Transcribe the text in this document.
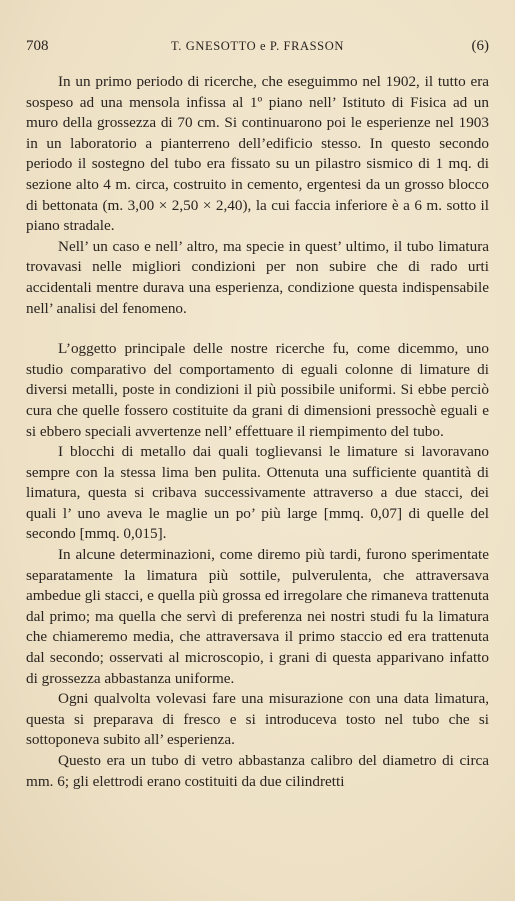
708	T. GNESOTTO e P. FRASSON	(6)

In un primo periodo di ricerche, che eseguimmo nel 1902, il tutto era sospeso ad una mensola infissa al 1º piano nell’ Istituto di Fisica ad un muro della grossezza di 70 cm. Si continuarono poi le esperienze nel 1903 in un laboratorio a pianterreno dell’edificio stesso. In questo secondo periodo il sostegno del tubo era fissato su un pilastro sismico di 1 mq. di sezione alto 4 m. circa, costruito in cemento, ergentesi da un grosso blocco di bettonata (m. 3,00 × 2,50 × 2,40), la cui faccia inferiore è a 6 m. sotto il piano stradale.

Nell’ un caso e nell’ altro, ma specie in quest’ ultimo, il tubo limatura trovavasi nelle migliori condizioni per non subire che di rado urti accidentali mentre durava una esperienza, condizione questa indispensabile nell’ analisi del fenomeno.

L’oggetto principale delle nostre ricerche fu, come dicemmo, uno studio comparativo del comportamento di eguali colonne di limature di diversi metalli, poste in condizioni il più possibile uniformi. Si ebbe perciò cura che quelle fossero costituite da grani di dimensioni pressochè eguali e si ebbero speciali avvertenze nell’ effettuare il riempimento del tubo.

I blocchi di metallo dai quali toglievansi le limature si lavoravano sempre con la stessa lima ben pulita. Ottenuta una sufficiente quantità di limatura, questa si cribava successivamente attraverso a due stacci, dei quali l’ uno aveva le maglie un po’ più large [mmq. 0,07] di quelle del secondo [mmq. 0,015].

In alcune determinazioni, come diremo più tardi, furono sperimentate separatamente la limatura più sottile, pulverulenta, che attraversava ambedue gli stacci, e quella più grossa ed irregolare che rimaneva trattenuta dal primo; ma quella che servì di preferenza nei nostri studi fu la limatura che chiameremo media, che attraversava il primo staccio ed era trattenuta dal secondo; osservati al microscopio, i grani di questa apparivano infatto di grossezza abbastanza uniforme.

Ogni qualvolta volevasi fare una misurazione con una data limatura, questa si preparava di fresco e si introduceva tosto nel tubo che si sottoponeva subito all’ esperienza.

Questo era un tubo di vetro abbastanza calibro del diametro di circa mm. 6; gli elettrodi erano costituiti da due cilindretti
